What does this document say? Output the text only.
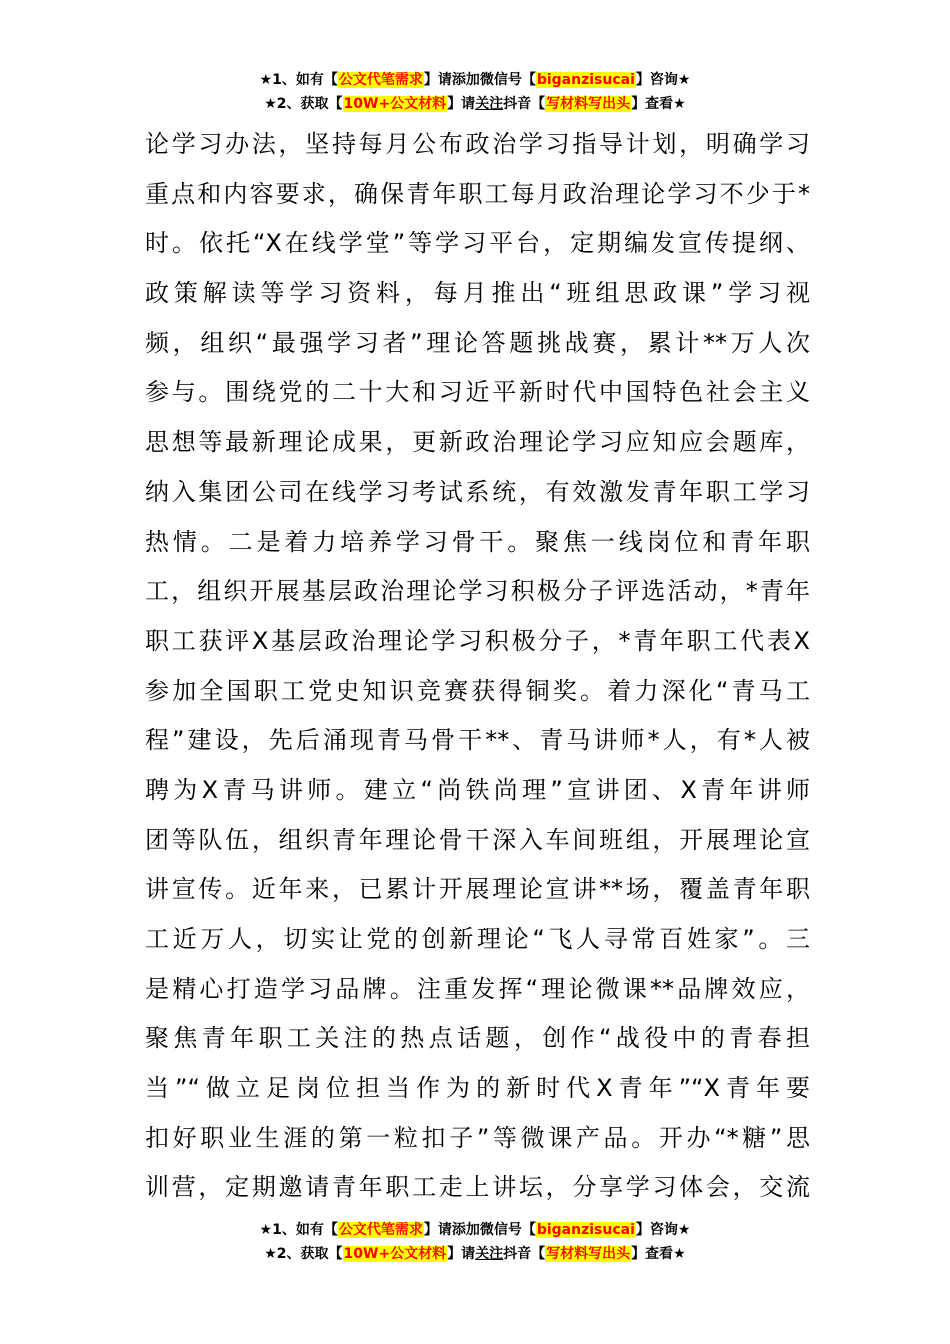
★1、如有【公文代笔需求】请添加微信号【biganzisucai】咨询★
★2、获取【10W+公文材料】请关注抖音【写材料写出头】查看★
论学习办法，坚持每月公布政治学习指导计划，明确学习
重点和内容要求，确保青年职工每月政治理论学习不少于*
时。依托“X在线学堂”等学习平台，定期编发宣传提纲、
政策解读等学习资料，每月推出“班组思政课”学习视
频，组织“最强学习者”理论答题挑战赛，累计**万人次
参与。围绕党的二十大和习近平新时代中国特色社会主义
思想等最新理论成果，更新政治理论学习应知应会题库，
纳入集团公司在线学习考试系统，有效激发青年职工学习
热情。二是着力培养学习骨干。聚焦一线岗位和青年职
工，组织开展基层政治理论学习积极分子评选活动，*青年
职工获评X基层政治理论学习积极分子，*青年职工代表X
参加全国职工党史知识竞赛获得铜奖。着力深化“青马工
程”建设，先后涌现青马骨干**、青马讲师*人，有*人被
聘为X青马讲师。建立“尚铁尚理”宣讲团、X青年讲师
团等队伍，组织青年理论骨干深入车间班组，开展理论宣
讲宣传。近年来，已累计开展理论宣讲**场，覆盖青年职
工近万人，切实让党的创新理论“飞人寻常百姓家”。三
是精心打造学习品牌。注重发挥“理论微课**品牌效应，
聚焦青年职工关注的热点话题，创作“战役中的青春担
当”“做立足岗位担当作为的新时代X青年”“X青年要
扣好职业生涯的第一粒扣子”等微课产品。开办“*糖”思
训营，定期邀请青年职工走上讲坛，分享学习体会，交流
★1、如有【公文代笔需求】请添加微信号【biganzisucai】咨询★
★2、获取【10W+公文材料】请关注抖音【写材料写出头】查看★
